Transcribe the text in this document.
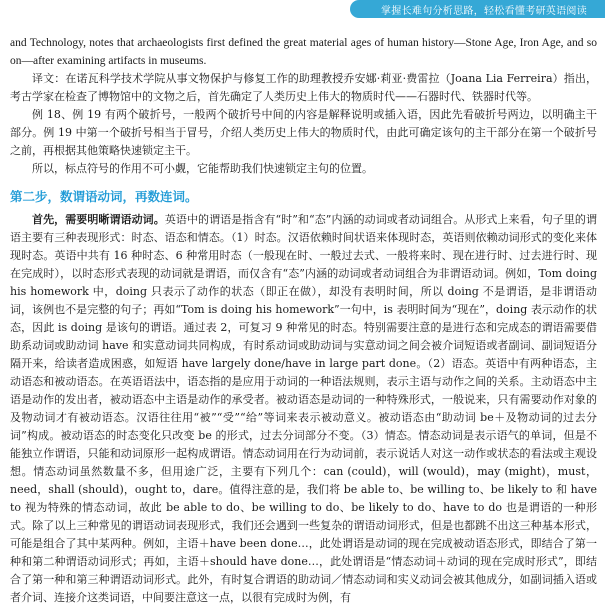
掌握长难句分析思路，轻松看懂考研英语阅读

and Technology, notes that archaeologists first defined the great material ages of human history—Stone Age, Iron Age, and so on—after examining artifacts in museums.

译文：在诺瓦科学技术学院从事文物保护与修复工作的助理教授乔安娜·莉亚·费雷拉（Joana Lia Ferreira）指出，考古学家在检查了博物馆中的文物之后，首先确定了人类历史上伟大的物质时代——石器时代、铁器时代等。

例 18、例 19 有两个破折号，一般两个破折号中间的内容是解释说明或插入语，因此先看破折号两边，以明确主干部分。例 19 中第一个破折号相当于冒号，介绍人类历史上伟大的物质时代，由此可确定该句的主干部分在第一个破折号之前，再根据其他策略快速锁定主干。

所以，标点符号的作用不可小觑，它能帮助我们快速锁定主句的位置。

第二步，数谓语动词，再数连词。

首先，需要明晰谓语动词。英语中的谓语是指含有“时”和“态”内涵的动词或者动词组合。从形式上来看，句子里的谓语主要有三种表现形式：时态、语态和情态。（1）时态。汉语依赖时间状语来体现时态，英语则依赖动词形式的变化来体现时态。英语中共有 16 种时态、6 种常用时态（一般现在时、一般过去式、一般将来时、现在进行时、过去进行时、现在完成时），以时态形式表现的动词就是谓语，而仅含有“态”内涵的动词或者动词组合为非谓语动词。例如，Tom doing his homework 中，doing 只表示了动作的状态（即正在做），却没有表明时间，所以 doing 不是谓语，是非谓语动词，该例也不是完整的句子；再如“Tom is doing his homework”一句中，is 表明时间为“现在”，doing 表示动作的状态，因此 is doing 是该句的谓语。通过表 2，可复习 9 种常见的时态。特别需要注意的是进行态和完成态的谓语需要借助系动词或助动词 have 和实意动词共同构成，有时系动词或助动词与实意动词之间会被介词短语或者副词、副词短语分隔开来，给读者造成困惑，如短语 have largely done/have in large part done。（2）语态。英语中有两种语态，主动语态和被动语态。在英语语法中，语态指的是应用于动词的一种语法规则，表示主语与动作之间的关系。主动语态中主语是动作的发出者，被动语态中主语是动作的承受者。被动语态是动词的一种特殊形式，一般说来，只有需要动作对象的及物动词才有被动语态。汉语往往用“被”“受”“给”等词来表示被动意义。被动语态由“助动词 be＋及物动词的过去分词”构成。被动语态的时态变化只改变 be 的形式，过去分词部分不变。（3）情态。情态动词是表示语气的单词，但是不能独立作谓语，只能和动词原形一起构成谓语。情态动词用在行为动词前，表示说话人对这一动作或状态的看法或主观设想。情态动词虽然数量不多，但用途广泛，主要有下列几个：can (could)，will (would)，may (might)，must，need，shall (should)，ought to，dare。值得注意的是，我们将 be able to、be willing to、be likely to 和 have to 视为特殊的情态动词，故此 be able to do、be willing to do、be likely to do、have to do 也是谓语的一种形式。除了以上三种常见的谓语动词表现形式，我们还会遇到一些复杂的谓语动词形式，但是也都跳不出这三种基本形式，可能是组合了其中某两种。例如，主语＋have been done…，此处谓语是动词的现在完成被动语态形式，即结合了第一种和第二种谓语动词形式；再如，主语＋should have done…，此处谓语是“情态动词＋动词的现在完成时形式”，即结合了第一种和第三种谓语动词形式。此外，有时复合谓语的助动词／情态动词和实义动词会被其他成分，如副词插入语或者介词、连接介这类词语，中间要注意这一点，以很有完成时为例，有
